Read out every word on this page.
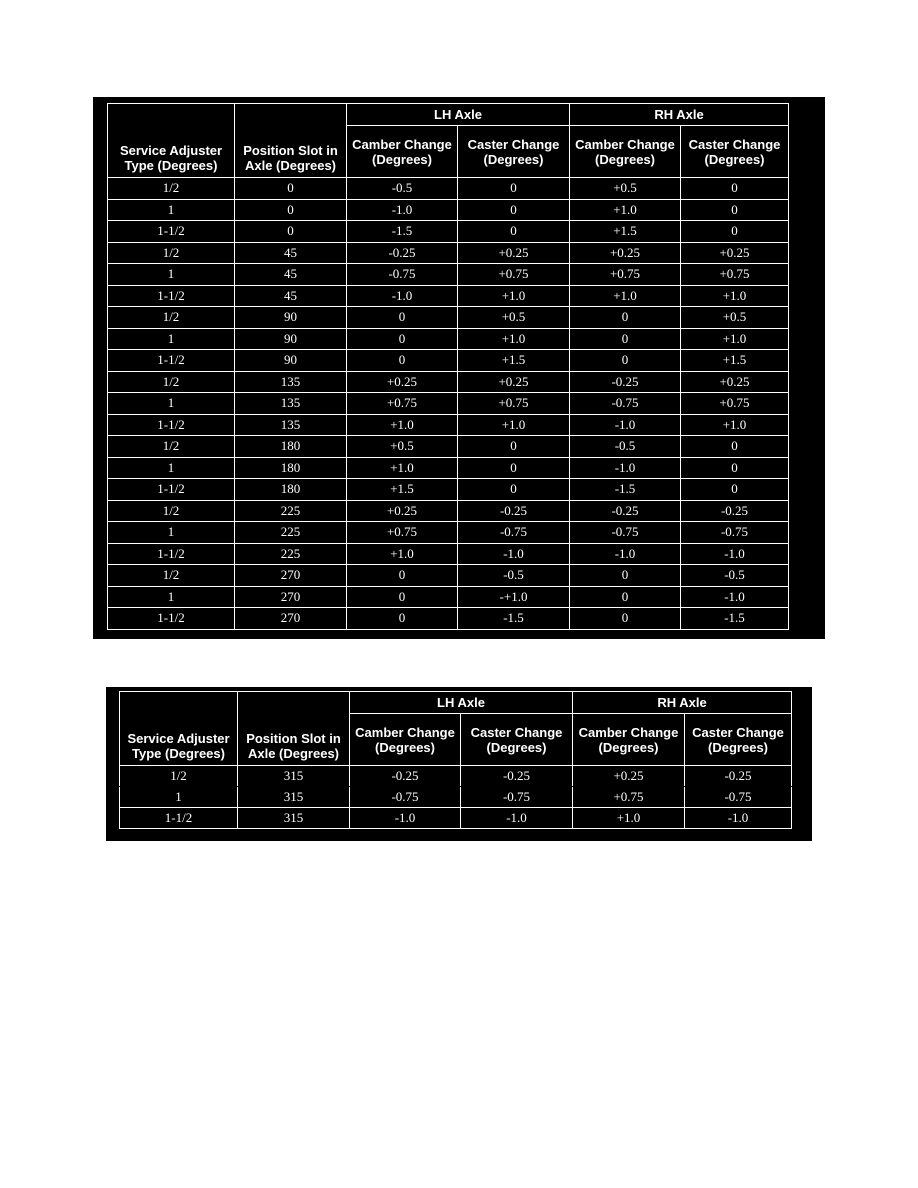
Service Adjuster Type (Degrees)	Position Slot in Axle (Degrees)	LH Axle		RH Axle	
		Camber Change (Degrees)	Caster Change (Degrees)	Camber Change (Degrees)	Caster Change (Degrees)
1/2	0	-0.5	0	+0.5	0
1	0	-1.0	0	+1.0	0
1-1/2	0	-1.5	0	+1.5	0
1/2	45	-0.25	+0.25	+0.25	+0.25
1	45	-0.75	+0.75	+0.75	+0.75
1-1/2	45	-1.0	+1.0	+1.0	+1.0
1/2	90	0	+0.5	0	+0.5
1	90	0	+1.0	0	+1.0
1-1/2	90	0	+1.5	0	+1.5
1/2	135	+0.25	+0.25	-0.25	+0.25
1	135	+0.75	+0.75	-0.75	+0.75
1-1/2	135	+1.0	+1.0	-1.0	+1.0
1/2	180	+0.5	0	-0.5	0
1	180	+1.0	0	-1.0	0
1-1/2	180	+1.5	0	-1.5	0
1/2	225	+0.25	-0.25	-0.25	-0.25
1	225	+0.75	-0.75	-0.75	-0.75
1-1/2	225	+1.0	-1.0	-1.0	-1.0
1/2	270	0	-0.5	0	-0.5
1	270	0	-+1.0	0	-1.0
1-1/2	270	0	-1.5	0	-1.5
Service Adjuster Type (Degrees)	Position Slot in Axle (Degrees)	LH Axle		RH Axle	
		Camber Change (Degrees)	Caster Change (Degrees)	Camber Change (Degrees)	Caster Change (Degrees)
1/2	315	-0.25	-0.25	+0.25	-0.25
1	315	-0.75	-0.75	+0.75	-0.75
1-1/2	315	-1.0	-1.0	+1.0	-1.0
